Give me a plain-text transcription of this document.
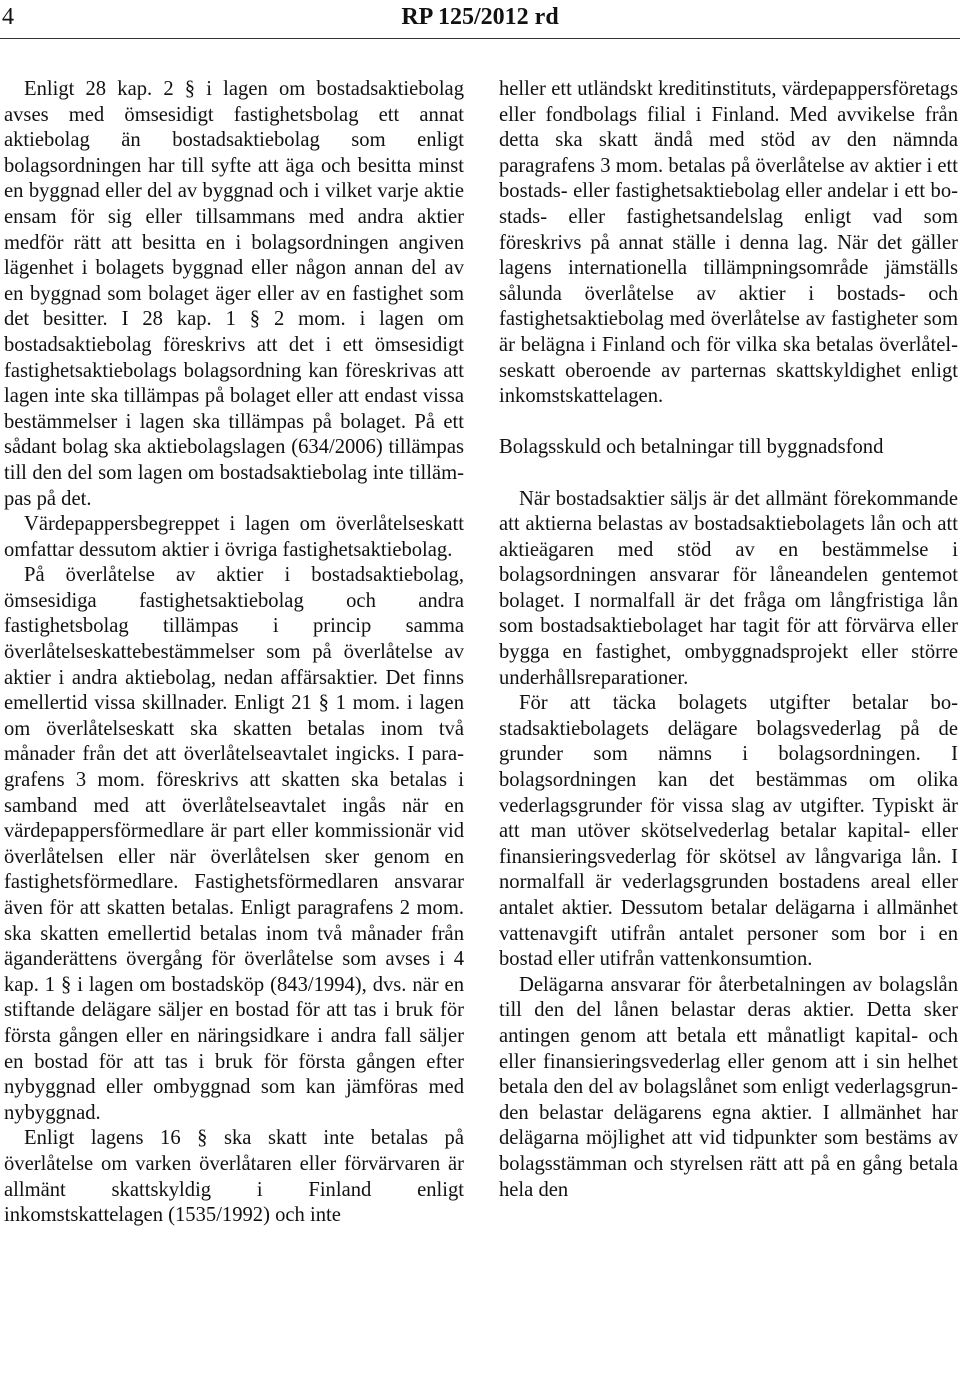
4	RP 125/2012 rd

Enligt 28 kap. 2 § i lagen om bostadsaktiebolag avses med ömsesidigt fastighetsbolag ett annat aktiebolag än bostadsaktiebolag som enligt bolagsordningen har till syfte att äga och besitta minst en byggnad eller del av byggnad och i vilket varje aktie ensam för sig eller tillsammans med andra aktier medför rätt att besitta en i bolagsordningen angiven lägenhet i bolagets byggnad eller någon annan del av en byggnad som bolaget äger eller av en fastighet som det besitter. I 28 kap. 1 § 2 mom. i lagen om bostadsaktiebolag föreskrivs att det i ett ömsesidigt fastighetsaktiebolags bolagsordning kan föreskrivas att lagen inte ska tillämpas på bolaget eller att endast vissa bestämmelser i lagen ska tillämpas på bolaget. På ett sådant bolag ska aktiebolagslagen (634/2006) tillämpas till den del som lagen om bostadsaktiebolag inte tillämpas på det.

Värdepappersbegreppet i lagen om överlåtelseskatt omfattar dessutom aktier i övriga fastighetsaktiebolag.

På överlåtelse av aktier i bostadsaktiebolag, ömsesidiga fastighetsaktiebolag och andra fastighetsbolag tillämpas i princip samma överlåtelseskattebestämmelser som på överlåtelse av aktier i andra aktiebolag, nedan affärsaktier. Det finns emellertid vissa skillnader. Enligt 21 § 1 mom. i lagen om överlåtelseskatt ska skatten betalas inom två månader från det att överlåtelseavtalet ingicks. I paragrafens 3 mom. föreskrivs att skatten ska betalas i samband med att överlåtelseavtalet ingås när en värdepappersförmedlare är part eller kommissionär vid överlåtelsen eller när överlåtelsen sker genom en fastighetsförmedlare. Fastighetsförmedlaren ansvarar även för att skatten betalas. Enligt paragrafens 2 mom. ska skatten emellertid betalas inom två månader från äganderättens övergång för överlåtelse som avses i 4 kap. 1 § i lagen om bostadsköp (843/1994), dvs. när en stiftande delägare säljer en bostad för att tas i bruk för första gången eller en näringsidkare i andra fall säljer en bostad för att tas i bruk för första gången efter nybyggnad eller ombyggnad som kan jämföras med nybyggnad.

Enligt lagens 16 § ska skatt inte betalas på överlåtelse om varken överlåtaren eller förvärvaren är allmänt skattskyldig i Finland enligt inkomstskattelagen (1535/1992) och inte

heller ett utländskt kreditinstituts, värdepappersföretags eller fondbolags filial i Finland. Med avvikelse från detta ska skatt ändå med stöd av den nämnda paragrafens 3 mom. betalas på överlåtelse av aktier i ett bostads- eller fastighetsaktiebolag eller andelar i ett bostads- eller fastighetsandelslag enligt vad som föreskrivs på annat ställe i denna lag. När det gäller lagens internationella tillämpningsområde jämställs sålunda överlåtelse av aktier i bostads- och fastighetsaktiebolag med överlåtelse av fastigheter som är belägna i Finland och för vilka ska betalas överlåtelseskatt oberoende av parternas skattskyldighet enligt inkomstskattelagen.

Bolagsskuld och betalningar till byggnadsfond

När bostadsaktier säljs är det allmänt förekommande att aktierna belastas av bostadsaktiebolagets lån och att aktieägaren med stöd av en bestämmelse i bolagsordningen ansvarar för låneandelen gentemot bolaget. I normalfall är det fråga om långfristiga lån som bostadsaktiebolaget har tagit för att förvärva eller bygga en fastighet, ombyggnadsprojekt eller större underhållsreparationer.

För att täcka bolagets utgifter betalar bostadsaktiebolagets delägare bolagsvederlag på de grunder som nämns i bolagsordningen. I bolagsordningen kan det bestämmas om olika vederlagsgrunder för vissa slag av utgifter. Typiskt är att man utöver skötselvederlag betalar kapital- eller finansieringsvederlag för skötsel av långvariga lån. I normalfall är vederlagsgrunden bostadens areal eller antalet aktier. Dessutom betalar delägarna i allmänhet vattenavgift utifrån antalet personer som bor i en bostad eller utifrån vattenkonsumtion.

Delägarna ansvarar för återbetalningen av bolagslån till den del lånen belastar deras aktier. Detta sker antingen genom att betala ett månatligt kapital- och eller finansieringsvederlag eller genom att i sin helhet betala den del av bolagslånet som enligt vederlagsgrunden belastar delägarens egna aktier. I allmänhet har delägarna möjlighet att vid tidpunkter som bestäms av bolagsstämman och styrelsen rätt att på en gång betala hela den
